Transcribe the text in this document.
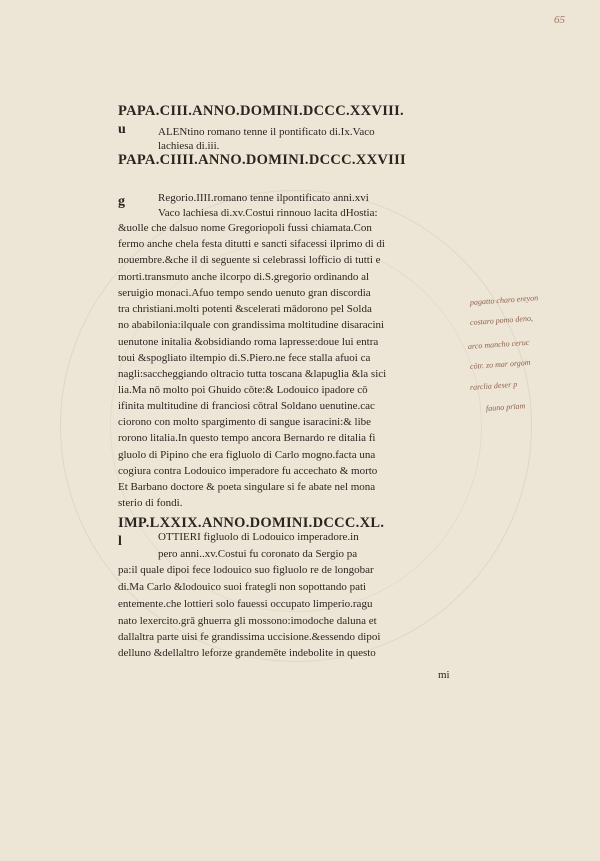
65
PAPA.CIII.ANNO.DOMINI.DCCC.XXVIII.
u	ALENtino romano tenne il pontificato di.Ix.Vaco
lachiesa di.iii.
PAPA.CIIII.ANNO.DOMINI.DCCC.XXVIII
g	Regorio.IIII.romano tenne ilpontificato anni.xvi
Vaco lachiesa di.xv.Costui rinnouo lacita dHostia:
&uolle che dalsuo nome Gregoriopoli fussi chiamata.Con
fermo anche chela festa ditutti e sancti sifacessi ilprimo di di
nouembre.&che il di seguente si celebrassi lofficio di tutti e
morti.transmuto anche ilcorpo di.S.gregorio ordinando al
seruigio monaci.Afuo tempo sendo uenuto gran discordia
tra christiani.molti potenti &scelerati mādorono pel Solda
no ababilonia:ilquale con grandissima moltitudine disaracini
uenutone initalia &obsidiando roma lapresse:doue lui entra
toui &spogliato iltempio di.S.Piero.ne fece stalla afuoi ca
nagli:saccheggiando oltracio tutta toscana &lapuglia &la sici
lia.Ma nō molto poi Ghuido cōte:& Lodouico ipadore cō
ifinita multitudine di franciosi cōtral Soldano uenutine.cac
ciorono con molto spargimento di sangue isaracini:& libe
rorono litalia.In questo tempo ancora Bernardo re ditalia fi
gluolo di Pipino che era figluolo di Carlo mogno.facta una
cogiura contra Lodouico imperadore fu accechato & morto
Et Barbano doctore & poeta singulare si fe abate nel mona
sterio di fondi.
IMP.LXXIX.ANNO.DOMINI.DCCC.XL.
l	OTTIERI figluolo di Lodouico imperadore.in
pero anni..xv.Costui fu coronato da Sergio pa
pa:il quale dipoi fece lodouico suo figluolo re de longobar
di.Ma Carlo &lodouico suoi frategli non sopottando pati
entemente.che lottieri solo fauessi occupato limperio.ragu
nato lexercito.grā ghuerra gli mossono:imodoche daluna et
dallaltra parte uisi fe grandissima uccisione.&essendo dipoi
delluno &dellaltro leforze grandemēte indebolite in questo
mi
pagatto charo ereyon
costaro pomo deno,
arco mancho ceruc
cōtr. zo mar orgom
rarclia deser p
fauno prīam
